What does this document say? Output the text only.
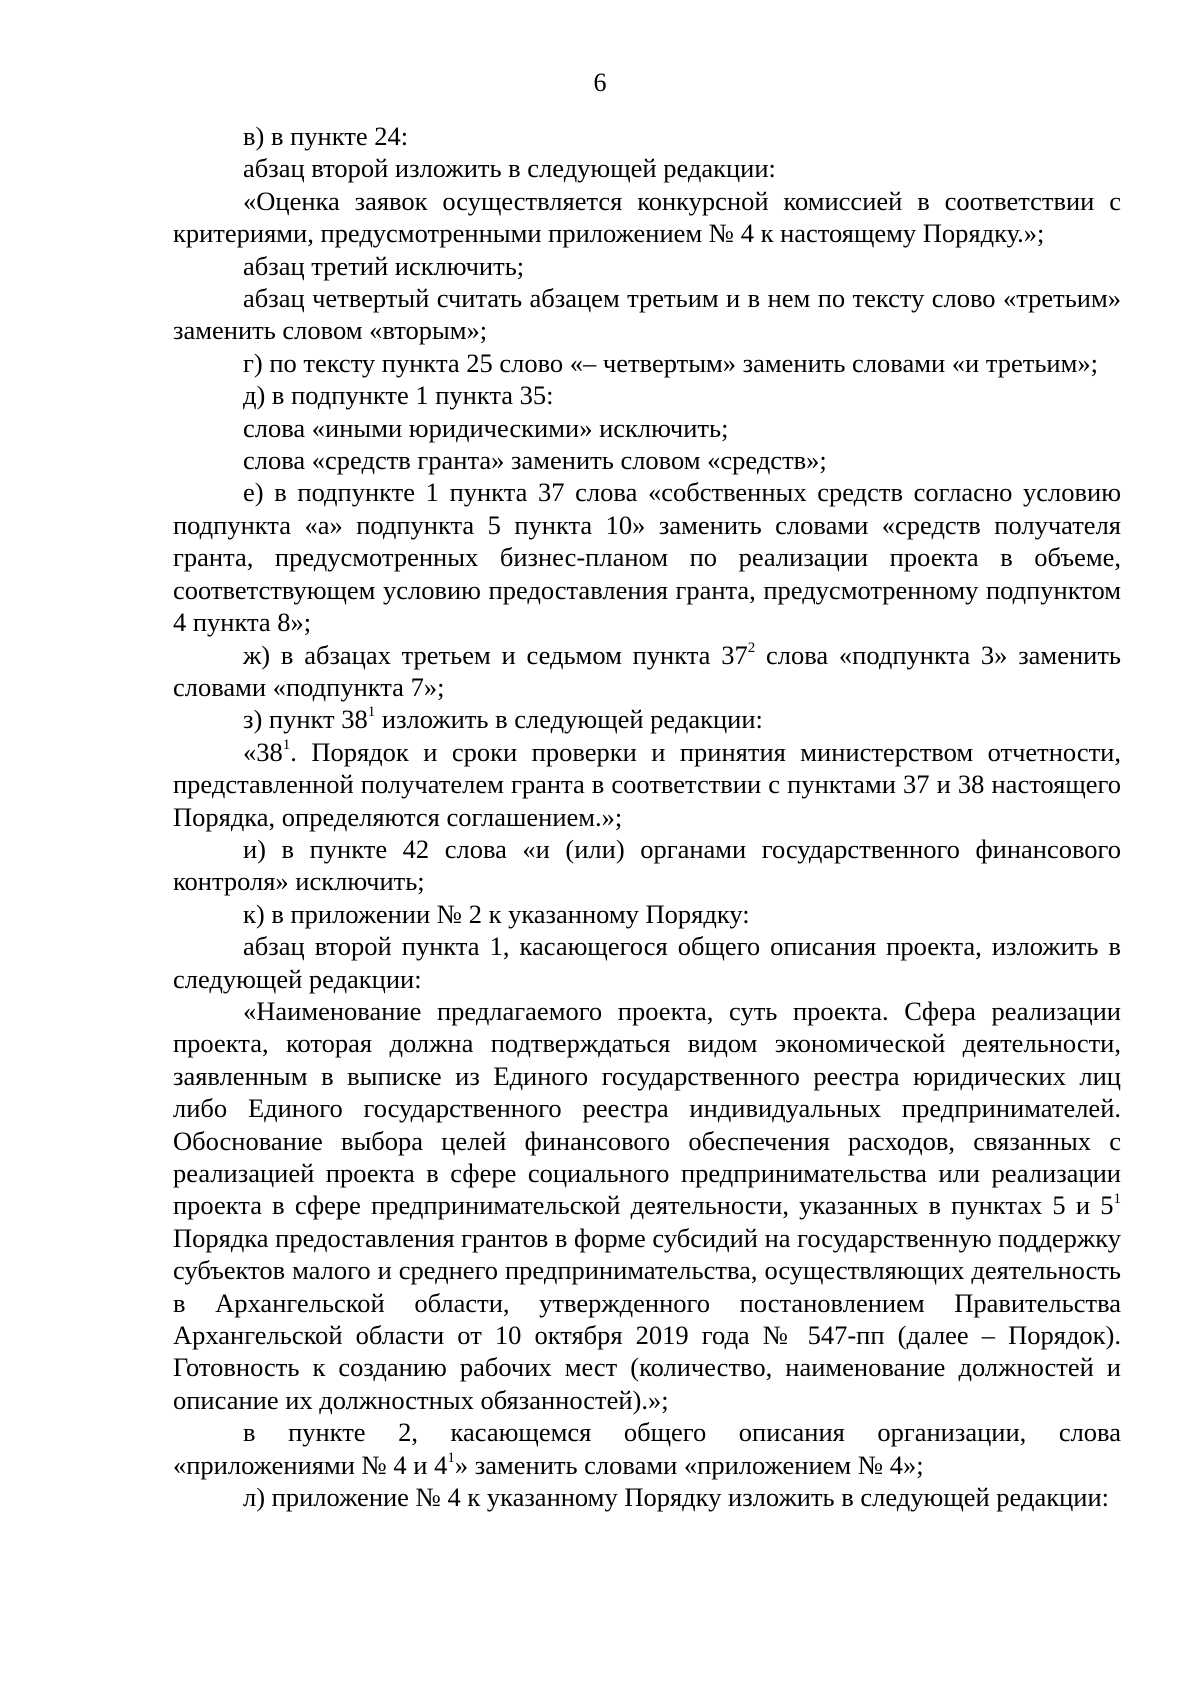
6

в) в пункте 24:

абзац второй изложить в следующей редакции:

«Оценка заявок осуществляется конкурсной комиссией в соответствии с критериями, предусмотренными приложением № 4 к настоящему Порядку.»;

абзац третий исключить;

абзац четвертый считать абзацем третьим и в нем по тексту слово «третьим» заменить словом «вторым»;

г) по тексту пункта 25 слово «– четвертым» заменить словами «и третьим»;

д) в подпункте 1 пункта 35:

слова «иными юридическими» исключить;

слова «средств гранта» заменить словом «средств»;

е) в подпункте 1 пункта 37 слова «собственных средств согласно условию подпункта «а» подпункта 5 пункта 10» заменить словами «средств получателя гранта, предусмотренных бизнес-планом по реализации проекта в объеме, соответствующем условию предоставления гранта, предусмотренному подпунктом 4 пункта 8»;

ж) в абзацах третьем и седьмом пункта $37^2$ слова «подпункта 3» заменить словами «подпункта 7»;

з) пункт $38^1$ изложить в следующей редакции:

«$38^1$. Порядок и сроки проверки и принятия министерством отчетности, представленной получателем гранта в соответствии с пунктами 37 и 38 настоящего Порядка, определяются соглашением.»;

и) в пункте 42 слова «и (или) органами государственного финансового контроля» исключить;

к) в приложении № 2 к указанному Порядку:

абзац второй пункта 1, касающегося общего описания проекта, изложить в следующей редакции:

«Наименование предлагаемого проекта, суть проекта. Сфера реализации проекта, которая должна подтверждаться видом экономической деятельности, заявленным в выписке из Единого государственного реестра юридических лиц либо Единого государственного реестра индивидуальных предпринимателей. Обоснование выбора целей финансового обеспечения расходов, связанных с реализацией проекта в сфере социального предпринимательства или реализации проекта в сфере предпринимательской деятельности, указанных в пунктах 5 и $5^1$ Порядка предоставления грантов в форме субсидий на государственную поддержку субъектов малого и среднего предпринимательства, осуществляющих деятельность в Архангельской области, утвержденного постановлением Правительства Архангельской области от 10 октября 2019 года № 547-пп (далее – Порядок). Готовность к созданию рабочих мест (количество, наименование должностей и описание их должностных обязанностей).»;

в пункте 2, касающемся общего описания организации, слова «приложениями № 4 и $4^1$» заменить словами «приложением № 4»;

л) приложение № 4 к указанному Порядку изложить в следующей редакции:
